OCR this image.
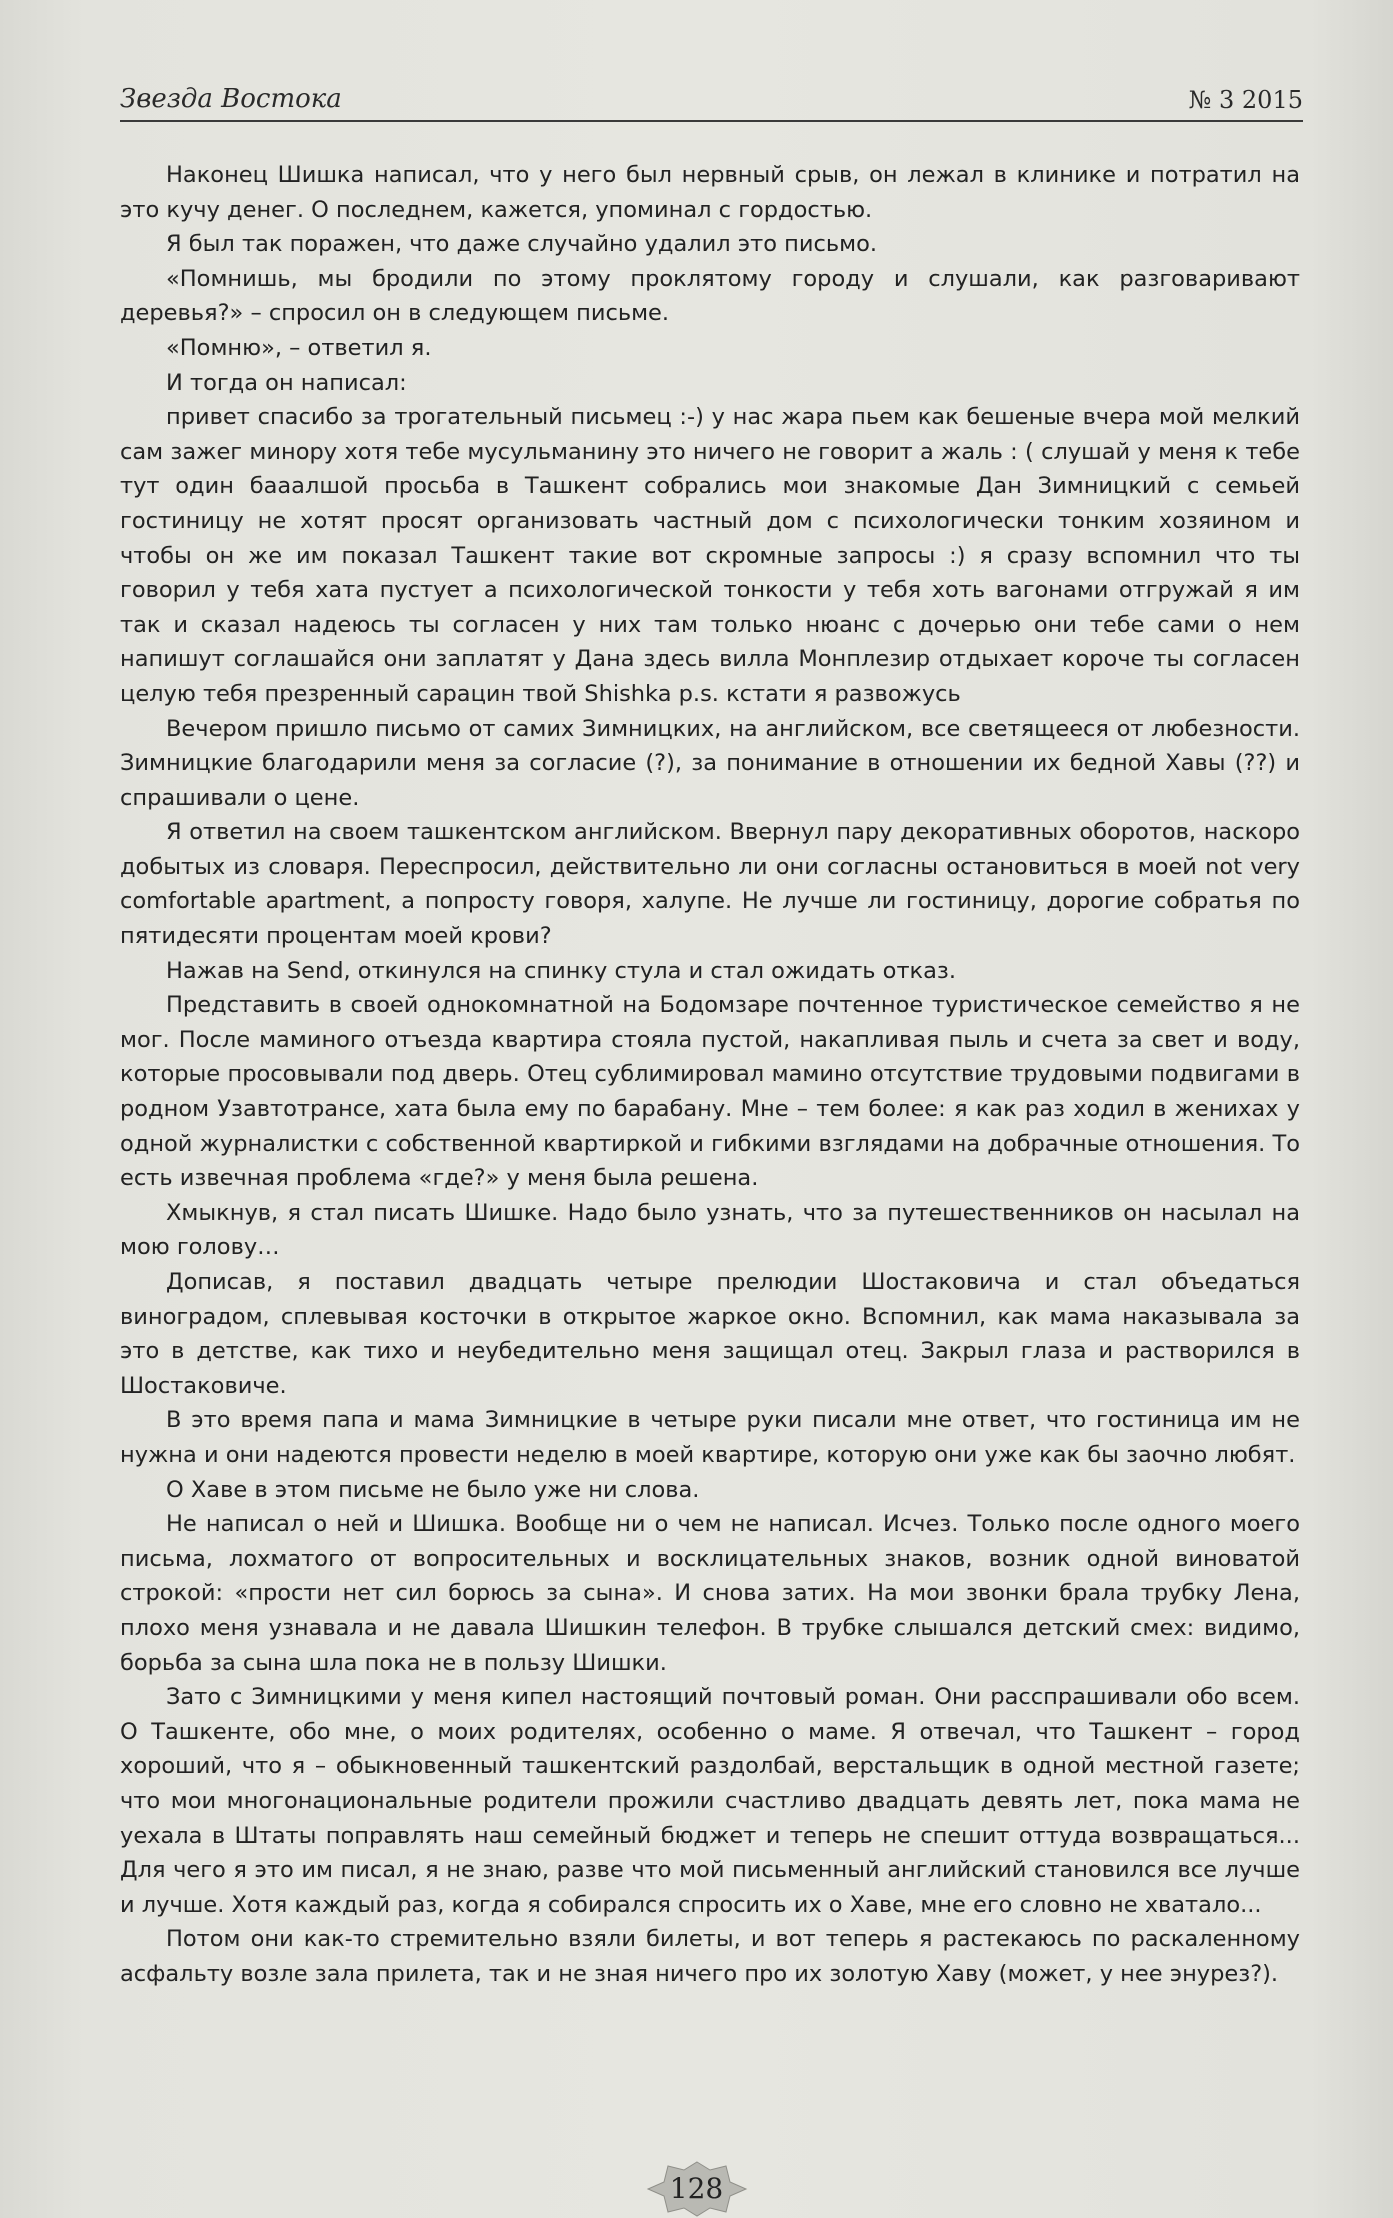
Звезда Востока	№ 3 2015

Наконец Шишка написал, что у него был нервный срыв, он лежал в клинике и потратил на это кучу денег. О последнем, кажется, упоминал с гордостью.

Я был так поражен, что даже случайно удалил это письмо.

«Помнишь, мы бродили по этому проклятому городу и слушали, как разговаривают деревья?» – спросил он в следующем письме.

«Помню», – ответил я.

И тогда он написал:

привет спасибо за трогательный письмец :-) у нас жара пьем как бешеные вчера мой мелкий сам зажег минору хотя тебе мусульманину это ничего не говорит а жаль : ( слушай у меня к тебе тут один бааалшой просьба в Ташкент собрались мои знакомые Дан Зимницкий с семьей гостиницу не хотят просят организовать частный дом с психологически тонким хозяином и чтобы он же им показал Ташкент такие вот скромные запросы :) я сразу вспомнил что ты говорил у тебя хата пустует а психологической тонкости у тебя хоть вагонами отгружай я им так и сказал надеюсь ты согласен у них там только нюанс с дочерью они тебе сами о нем напишут соглашайся они заплатят у Дана здесь вилла Монплезир отдыхает короче ты согласен целую тебя презренный сарацин твой Shishka p.s. кстати я развожусь

Вечером пришло письмо от самих Зимницких, на английском, все светящееся от любезности. Зимницкие благодарили меня за согласие (?), за понимание в отношении их бедной Хавы (??) и спрашивали о цене.

Я ответил на своем ташкентском английском. Ввернул пару декоративных оборотов, наскоро добытых из словаря. Переспросил, действительно ли они согласны остановиться в моей not very comfortable apartment, а попросту говоря, халупе. Не лучше ли гостиницу, дорогие собратья по пятидесяти процентам моей крови?

Нажав на Send, откинулся на спинку стула и стал ожидать отказ.

Представить в своей однокомнатной на Бодомзаре почтенное туристическое семейство я не мог. После маминого отъезда квартира стояла пустой, накапливая пыль и счета за свет и воду, которые просовывали под дверь. Отец сублимировал мамино отсутствие трудовыми подвигами в родном Узавтотрансе, хата была ему по барабану. Мне – тем более: я как раз ходил в женихах у одной журналистки с собственной квартиркой и гибкими взглядами на добрачные отношения. То есть извечная проблема «где?» у меня была решена.

Хмыкнув, я стал писать Шишке. Надо было узнать, что за путешественников он насылал на мою голову…

Дописав, я поставил двадцать четыре прелюдии Шостаковича и стал объедаться виноградом, сплевывая косточки в открытое жаркое окно. Вспомнил, как мама наказывала за это в детстве, как тихо и неубедительно меня защищал отец. Закрыл глаза и растворился в Шостаковиче.

В это время папа и мама Зимницкие в четыре руки писали мне ответ, что гостиница им не нужна и они надеются провести неделю в моей квартире, которую они уже как бы заочно любят.

О Хаве в этом письме не было уже ни слова.

Не написал о ней и Шишка. Вообще ни о чем не написал. Исчез. Только после одного моего письма, лохматого от вопросительных и восклицательных знаков, возник одной виноватой строкой: «прости нет сил борюсь за сына». И снова затих. На мои звонки брала трубку Лена, плохо меня узнавала и не давала Шишкин телефон. В трубке слышался детский смех: видимо, борьба за сына шла пока не в пользу Шишки.

Зато с Зимницкими у меня кипел настоящий почтовый роман. Они расспрашивали обо всем. О Ташкенте, обо мне, о моих родителях, особенно о маме. Я отвечал, что Ташкент – город хороший, что я – обыкновенный ташкентский раздолбай, верстальщик в одной местной газете; что мои многонациональные родители прожили счастливо двадцать девять лет, пока мама не уехала в Штаты поправлять наш семейный бюджет и теперь не спешит оттуда возвращаться... Для чего я это им писал, я не знаю, разве что мой письменный английский становился все лучше и лучше. Хотя каждый раз, когда я собирался спросить их о Хаве, мне его словно не хватало...

Потом они как-то стремительно взяли билеты, и вот теперь я растекаюсь по раскаленному асфальту возле зала прилета, так и не зная ничего про их золотую Хаву (может, у нее энурез?).

128
